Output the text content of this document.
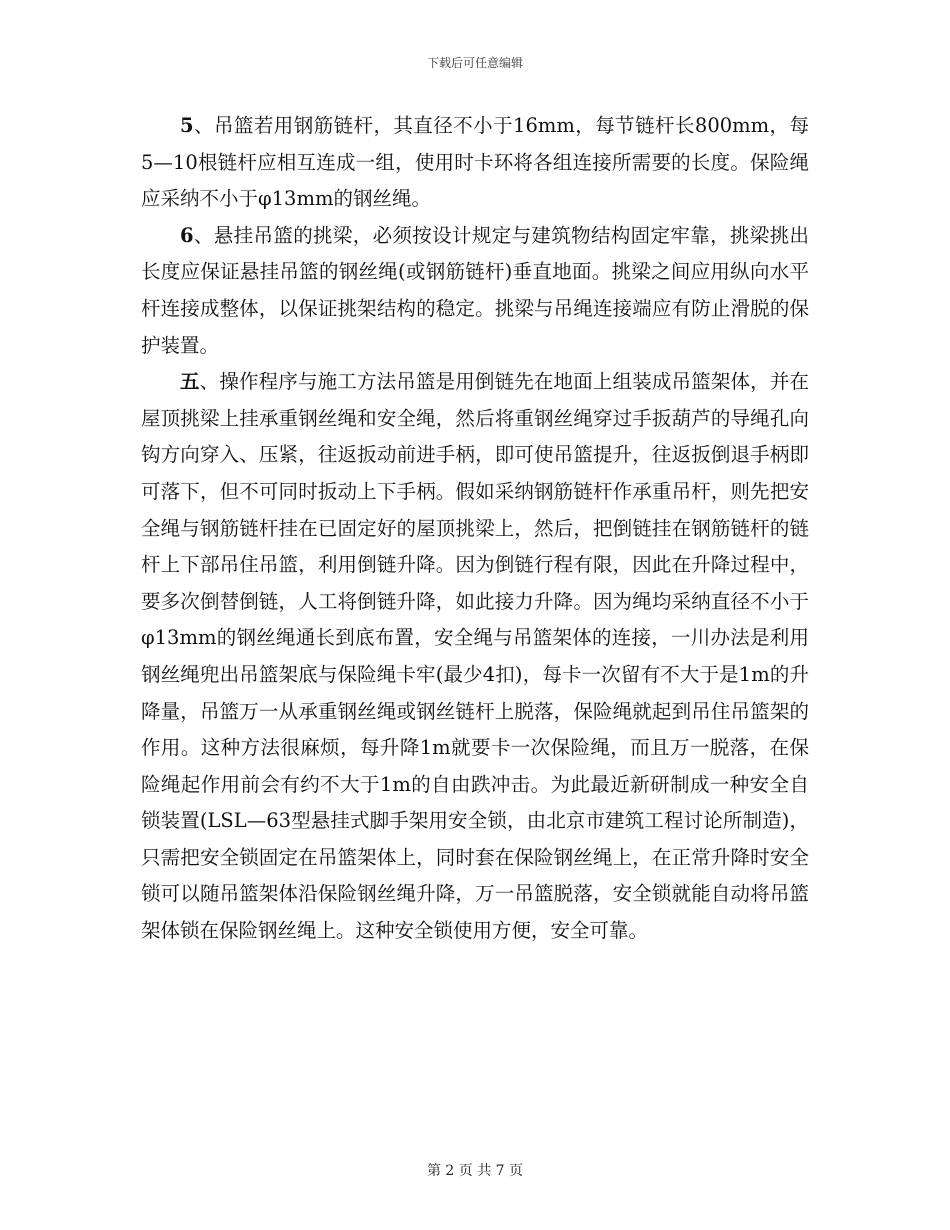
下载后可任意编辑

5、吊篮若用钢筋链杆，其直径不小于16mm，每节链杆长800mm，每5—10根链杆应相互连成一组，使用时卡环将各组连接所需要的长度。保险绳应采纳不小于φ13mm的钢丝绳。

6、悬挂吊篮的挑梁，必须按设计规定与建筑物结构固定牢靠，挑梁挑出长度应保证悬挂吊篮的钢丝绳(或钢筋链杆)垂直地面。挑梁之间应用纵向水平杆连接成整体，以保证挑架结构的稳定。挑梁与吊绳连接端应有防止滑脱的保护装置。

五、操作程序与施工方法吊篮是用倒链先在地面上组装成吊篮架体，并在屋顶挑梁上挂承重钢丝绳和安全绳，然后将重钢丝绳穿过手扳葫芦的导绳孔向钩方向穿入、压紧，往返扳动前进手柄，即可使吊篮提升，往返扳倒退手柄即可落下，但不可同时扳动上下手柄。假如采纳钢筋链杆作承重吊杆，则先把安全绳与钢筋链杆挂在已固定好的屋顶挑梁上，然后，把倒链挂在钢筋链杆的链杆上下部吊住吊篮，利用倒链升降。因为倒链行程有限，因此在升降过程中，要多次倒替倒链，人工将倒链升降，如此接力升降。因为绳均采纳直径不小于φ13mm的钢丝绳通长到底布置，安全绳与吊篮架体的连接，一川办法是利用钢丝绳兜出吊篮架底与保险绳卡牢(最少4扣)，每卡一次留有不大于是1m的升降量，吊篮万一从承重钢丝绳或钢丝链杆上脱落，保险绳就起到吊住吊篮架的作用。这种方法很麻烦，每升降1m就要卡一次保险绳，而且万一脱落，在保险绳起作用前会有约不大于1m的自由跌冲击。为此最近新研制成一种安全自锁装置(LSL—63型悬挂式脚手架用安全锁，由北京市建筑工程讨论所制造)，只需把安全锁固定在吊篮架体上，同时套在保险钢丝绳上，在正常升降时安全锁可以随吊篮架体沿保险钢丝绳升降，万一吊篮脱落，安全锁就能自动将吊篮架体锁在保险钢丝绳上。这种安全锁使用方便，安全可靠。

第 2 页 共 7 页
